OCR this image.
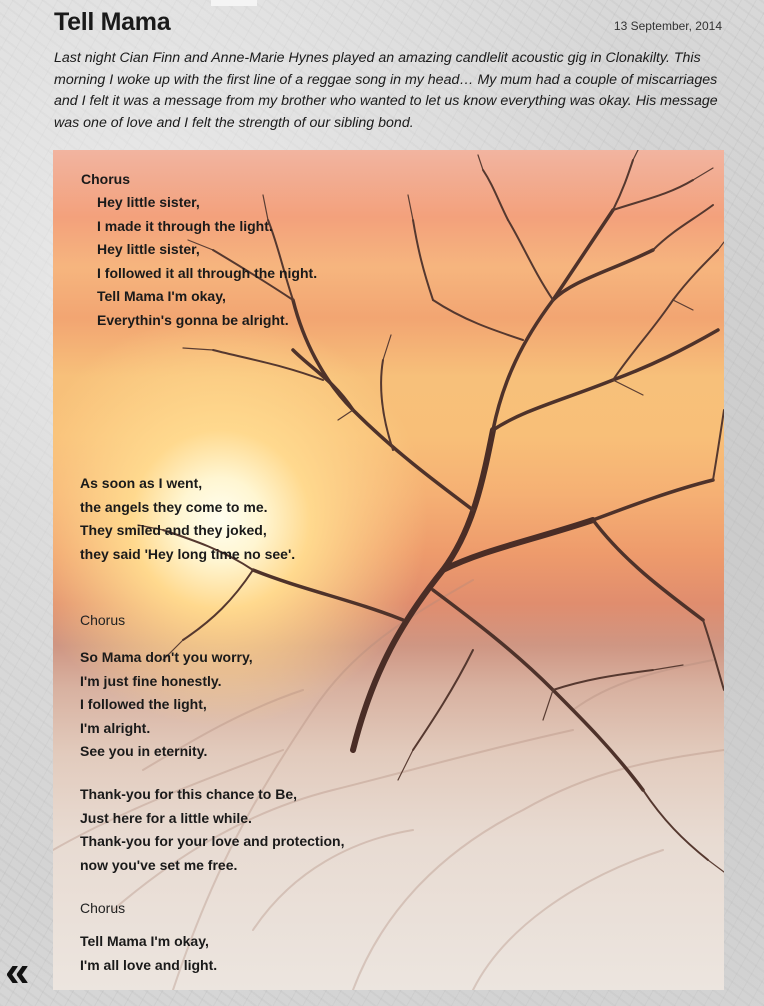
Tell Mama	13 September, 2014

Last night Cian Finn and Anne-Marie Hynes played an amazing candlelit acoustic gig in Clonakilty. This morning I woke up with the first line of a reggae song in my head… My mum had a couple of miscarriages and I felt it was a message from my brother who wanted to let us know everything was okay. His message was one of love and I felt the strength of our sibling bond.

Chorus
Hey little sister,
I made it through the light.
Hey little sister,
I followed it all through the night.
Tell Mama I'm okay,
Everythin's gonna be alright.
As soon as I went,
the angels they come to me.
They smiled and they joked,
they said 'Hey long time no see'.
Chorus
So Mama don't you worry,
I'm just fine honestly.
I followed the light,
I'm alright.
See you in eternity.
Thank-you for this chance to Be,
Just here for a little while.
Thank-you for your love and protection,
now you've set me free.
Chorus
Tell Mama I'm okay,
I'm all love and light.
«
